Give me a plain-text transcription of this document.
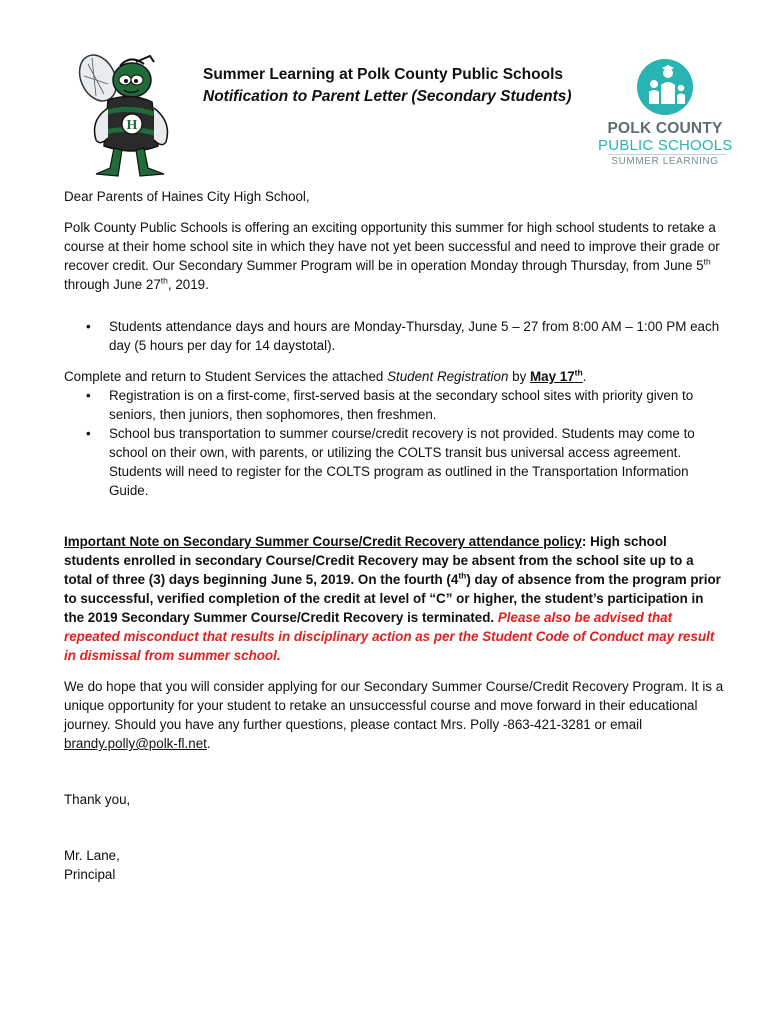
H
Summer Learning at Polk County Public Schools
Notification to Parent Letter (Secondary Students)
POLK COUNTY
PUBLIC SCHOOLS
SUMMER LEARNING
Dear Parents of Haines City High School,
Polk County Public Schools is offering an exciting opportunity this summer for high school students to retake a course at their home school site in which they have not yet been successful and need to improve their grade or recover credit. Our Secondary Summer Program will be in operation Monday through Thursday, from June 5th through June 27th, 2019.
• Students attendance days and hours are Monday-Thursday, June 5 – 27 from 8:00 AM – 1:00 PM each day (5 hours per day for 14 daystotal).
Complete and return to Student Services the attached Student Registration by May 17th.
• Registration is on a first-come, first-served basis at the secondary school sites with priority given to seniors, then juniors, then sophomores, then freshmen.
• School bus transportation to summer course/credit recovery is not provided. Students may come to school on their own, with parents, or utilizing the COLTS transit bus universal access agreement. Students will need to register for the COLTS program as outlined in the Transportation Information Guide.
Important Note on Secondary Summer Course/Credit Recovery attendance policy: High school students enrolled in secondary Course/Credit Recovery may be absent from the school site up to a total of three (3) days beginning June 5, 2019. On the fourth (4th) day of absence from the program prior to successful, verified completion of the credit at level of “C” or higher, the student’s participation in the 2019 Secondary Summer Course/Credit Recovery is terminated. Please also be advised that repeated misconduct that results in disciplinary action as per the Student Code of Conduct may result in dismissal from summer school.
We do hope that you will consider applying for our Secondary Summer Course/Credit Recovery Program. It is a unique opportunity for your student to retake an unsuccessful course and move forward in their educational journey. Should you have any further questions, please contact Mrs. Polly -863-421-3281 or email brandy.polly@polk-fl.net.
Thank you,
Mr. Lane,
Principal
